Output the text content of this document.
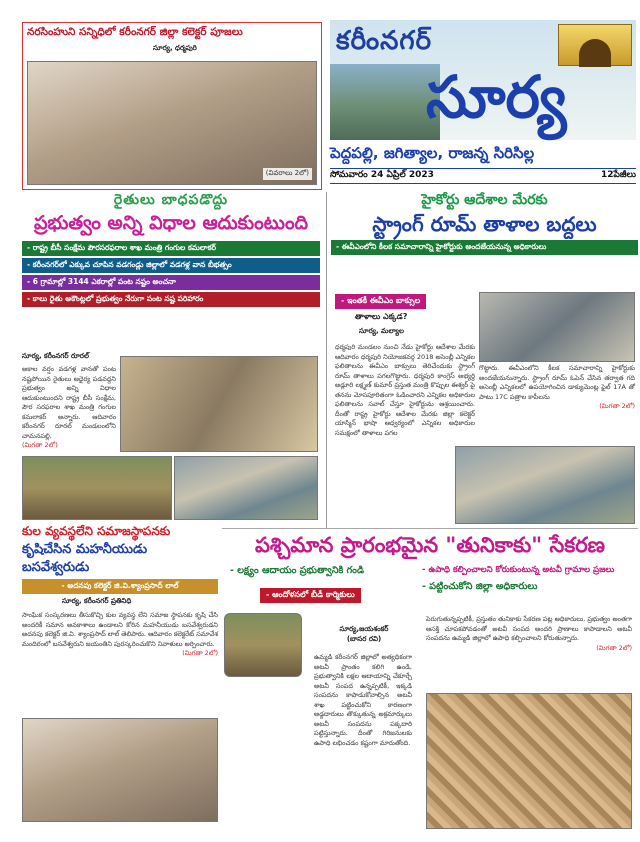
కరీంనగర్
సూర్య
పెద్దపల్లి, జగిత్యాల, రాజన్న సిరిసిల్ల
సోమవారం 24 ఏప్రిల్ 2023	12పేజీలు
నరసింహుని సన్నిధిలో కరీంనగర్ జిల్లా కలెక్టర్ పూజలు
సూర్య, ధర్మపురి
(వివరాలు 2లో)
రైతులు బాధపడొద్దు
ప్రభుత్వం అన్ని విధాల ఆదుకుంటుంది
- రాష్ట్ర బీసీ సంక్షేమ పౌరసరఫరాల శాఖ మంత్రి గంగుల కమలాకర్
- కరీంనగర్‌లో ఎక్కువ చూపిన వడగండ్లు జిల్లాలో వడగళ్ల వాన బీభత్సం
- 6 గ్రామాల్లో 3144 ఎకరాల్లో పంట నష్టం అంచనా
- కాలు రైతు అకౌంట్లలో ప్రభుత్వం నేరుగా పంట నష్ట పరిహారం
సూర్య, కరీంనగర్ రూరల్
అకాల వర్షం వడగళ్ల వానతో పంట నష్టపోయిన రైతులు అధైర్య పడవద్దని ప్రభుత్వం అన్ని విధాల ఆదుకుంటుందని రాష్ట్ర బీసీ సంక్షేమ, పౌర సరఫరాల శాఖ మంత్రి గంగుల కమలాకర్ అన్నారు. ఆదివారం కరీంనగర్ రూరల్ మండలంలోని చామనపల్లి,
(మిగతా 2లో)
హైకోర్టు ఆదేశాల మేరకు
స్ట్రాంగ్ రూమ్ తాళాల బద్దలు
- ఈవీఎంలోని కీలక సమాచారాన్ని హైకోర్టుకు అందజేయనున్న అధికారులు
- ఇంతకీ ఈవీఎం బాక్సుల
తాళాలు ఎక్కడ?
సూర్య, మల్యాల
ధర్మపురి మండలం నుంచి నేడు హైకోర్టు ఆదేశాల మేరకు ఆదివారం ధర్మపురి నియోజకవర్గ 2018 అసెంబ్లీ ఎన్నికల ఫలితాలను ఈవీఎం బాక్సులు తెరిచేందుకు స్ట్రాంగ్ రూమ్ తాళాలు పగలగొట్టారు. ధర్మపురి కాంగ్రెస్ అభ్యర్థి అడ్లూరి లక్ష్మణ్ కుమార్ ప్రస్తుత మంత్రి కొప్పుల ఈశ్వర్ పై తనను మోసపూరితంగా ఓడించారని ఎన్నికల అధికారుల ఫలితాలను సవాల్ చేస్తూ హైకోర్టును ఆశ్రయించారు. దీంతో రాష్ట్ర హైకోర్టు ఆదేశాల మేరకు జిల్లా కలెక్టర్ యాస్మిన్ భాషా ఆధ్వర్యంలో ఎన్నికల అధికారుల సమక్షంలో తాళాలు పగల
గొట్టారు. ఈవీఎంలోని కీలక సమాచారాన్ని హైకోర్టుకు అందజేయనున్నారు. స్ట్రాంగ్ రూమ్ ఓపెన్ చేసిన తర్వాత గది అసెంబ్లీ ఎన్నికలలో ఉపయోగించిన డాక్యుమెంట్ల ఫైల్ 17A తో పాటు 17C పత్రాల కాపీలను
(మిగతా 2లో)
కుల వ్యవస్థలేని సమాజస్థాపనకు
కృషిచేసిన మహనీయుడు బసవేశ్వరుడు
- అదనపు కలెక్టర్ జి.వి.శ్యాంప్రసాద్ లాల్
సూర్య, కరీంనగర్ ప్రతినిధి
సాంఘిక సంస్కరణలు తీసుకొచ్చి కుల వ్యవస్థ లేని సమాజ స్థాపనకు కృషి చేసి అందరికీ సమాన అవకాశాలు ఉండాలని కోరిన మహనీయుడు బసవేశ్వరుడని అదనపు కలెక్టర్ జి.వి. శ్యాంప్రసాద్ లాల్ తెలిపారు. ఆదివారం కలెక్టరేట్ సమావేశ మందిరంలో బసవేశ్వరుని జయంతిని పురస్కరించుకొని నివాళులు అర్పించారు.
(మిగతా 2లో)
పశ్చిమాన ప్రారంభమైన "తునికాకు" సేకరణ
- లక్ష్యం ఆదాయం ప్రభుత్వానికి గండి
- ఆందోళనలో బీడీ కార్మికులు
- ఉపాధి కల్పించాలని కోరుకుంటున్న అటవీ గ్రామాల ప్రజలు
- పట్టించుకోని జిల్లా అధికారులు
సూర్య,జయశంకర్
(బాసర రవి)
ఉమ్మడి కరీంనగర్ జిల్లాలో అత్యధికంగా అటవీ ప్రాంతం కలిగి ఉండి, ప్రభుత్వానికి లక్షల ఆదాయాన్ని చేకూర్చే అటవీ సంపద ఉన్నప్పటికీ, ఇక్కడి సంపదను కాపాడుకోవాల్సిన అటవీ శాఖ పట్టించుకోని కారణంగా అడ్డదారులు తొక్కుతున్న అక్రమార్కులు అటవీ సంపదను పక్కదారి పట్టిస్తున్నారు. దీంతో గిరిజనులకు ఉపాధి లభించడం కష్టంగా మారుతోంది.
పెరుగుతున్నప్పటికీ, ప్రస్తుతం తునికాకు సేకరణ పట్ల అధికారులు, ప్రభుత్వం అంతగా ఆసక్తి చూపకపోవడంతో అటవీ సంపద అందరి ప్రాణాలు కాపాడాలని అటవీ సంపదను ఉమ్మడి జిల్లాలో ఉపాధి కల్పించాలని కోరుతున్నారు.
(మిగతా 2లో)
